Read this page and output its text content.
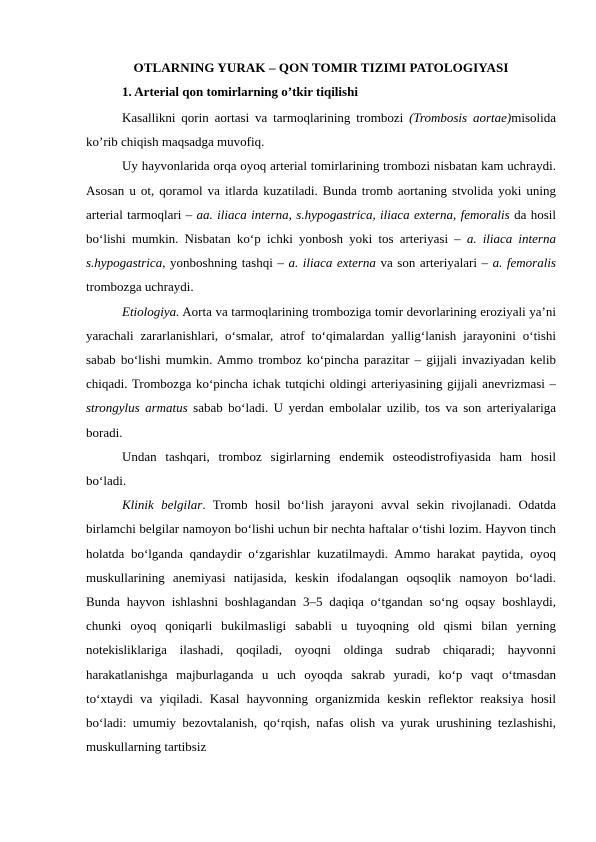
OTLARNING YURAK – QON TOMIR TIZIMI PATOLOGIYASI
1. Arterial qon tomirlarning o’tkir tiqilishi

Kasallikni qorin aortasi va tarmoqlarining trombozi (Trombosis aortae)misolida ko’rib chiqish maqsadga muvofiq.

Uy hayvonlarida orqa oyoq arterial tomirlarining trombozi nisbatan kam uchraydi. Asosan u ot, qoramol va itlarda kuzatiladi. Bunda tromb aortaning stvolida yoki uning arterial tarmoqlari – aa. iliaca interna, s.hypogastrica, iliaca externa, femoralis da hosil bo‘lishi mumkin. Nisbatan ko‘p ichki yonbosh yoki tos arteriyasi – a. iliaca interna s.hypogastrica, yonboshning tashqi – a. iliaca externa va son arteriyalari – a. femoralis trombozga uchraydi.

Etiologiya. Aorta va tarmoqlarining tromboziga tomir devorlarining eroziyali ya’ni yarachali zararlanishlari, o‘smalar, atrof to‘qimalardan yallig‘lanish jarayonini o‘tishi sabab bo‘lishi mumkin. Ammo tromboz ko‘pincha parazitar – gijjali invaziyadan kelib chiqadi. Trombozga ko‘pincha ichak tutqichi oldingi arteriyasining gijjali anevrizmasi – strongylus armatus sabab bo‘ladi. U yerdan embolalar uzilib, tos va son arteriyalariga boradi.

Undan tashqari, tromboz sigirlarning endemik osteodistrofiyasida ham hosil bo‘ladi.

Klinik belgilar. Tromb hosil bo‘lish jarayoni avval sekin rivojlanadi. Odatda birlamchi belgilar namoyon bo‘lishi uchun bir nechta haftalar o‘tishi lozim. Hayvon tinch holatda bo‘lganda qandaydir o‘zgarishlar kuzatilmaydi. Ammo harakat paytida, oyoq muskullarining anemiyasi natijasida, keskin ifodalangan oqsoqlik namoyon bo‘ladi. Bunda hayvon ishlashni boshlagandan 3–5 daqiqa o‘tgandan so‘ng oqsay boshlaydi, chunki oyoq qoniqarli bukilmasligi sababli u tuyoqning old qismi bilan yerning notekisliklariga ilashadi, qoqiladi, oyoqni oldinga sudrab chiqaradi; hayvonni harakatlanishga majburlaganda u uch oyoqda sakrab yuradi, ko‘p vaqt o‘tmasdan to‘xtaydi va yiqiladi. Kasal hayvonning organizmida keskin reflektor reaksiya hosil bo‘ladi: umumiy bezovtalanish, qo‘rqish, nafas olish va yurak urushining tezlashishi, muskullarning tartibsiz
